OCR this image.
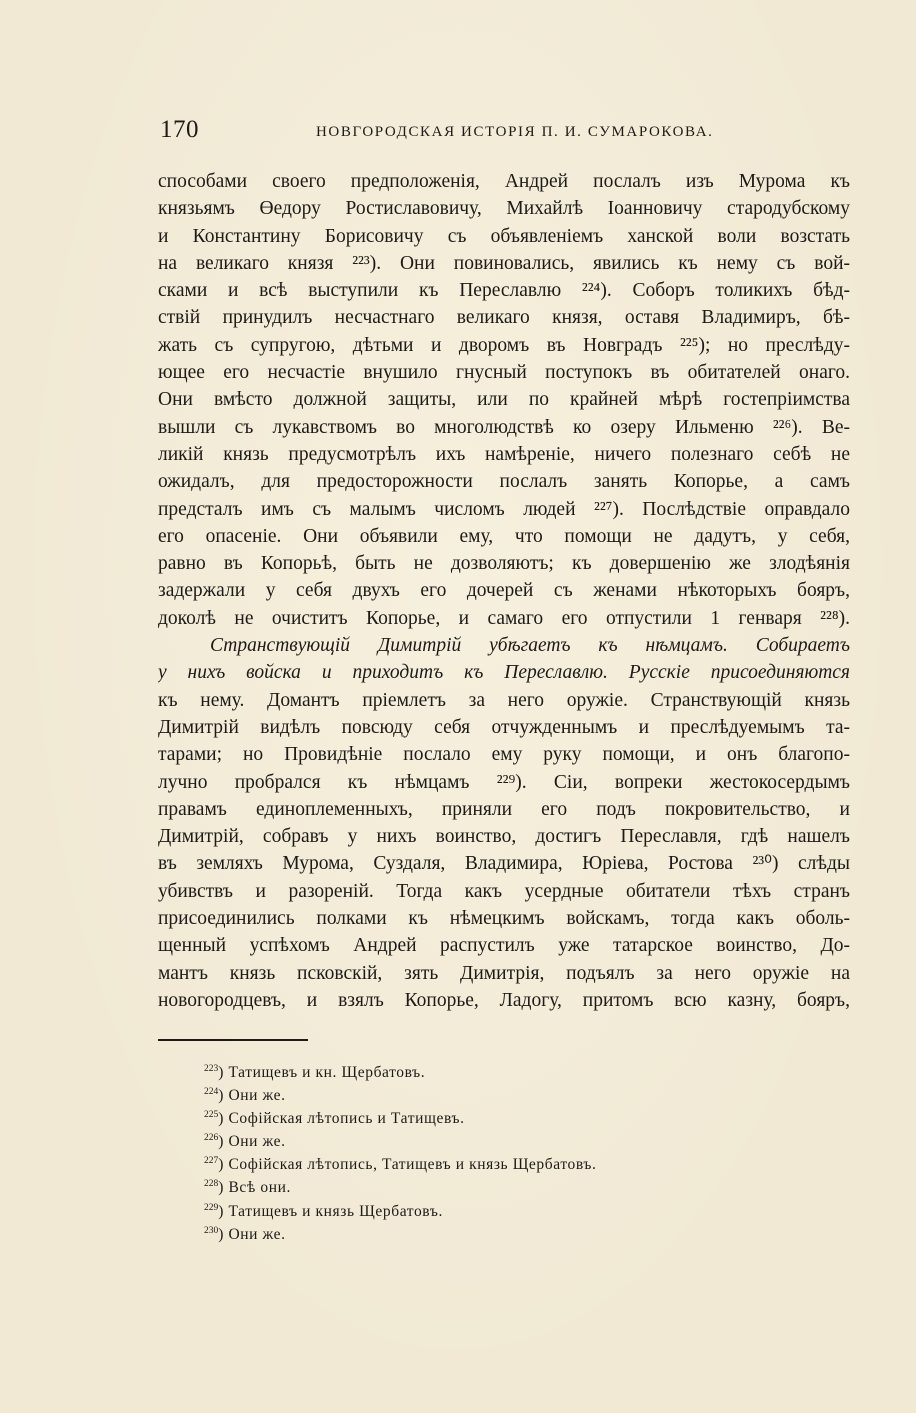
170	НОВГОРОДСКАЯ ИСТОРІЯ П. И. СУМАРОКОВА.
способами своего предположенія, Андрей послалъ изъ Мурома къ
князьямъ Өедору Ростиславовичу, Михайлѣ Іоанновичу стародубскому
и Константину Борисовичу съ объявленіемъ ханской воли возстать
на великаго князя ²²³). Они повиновались, явились къ нему съ вой-
сками и всѣ выступили къ Переславлю ²²⁴). Соборъ толикихъ бѣд-
ствій принудилъ несчастнаго великаго князя, оставя Владимиръ, бѣ-
жать съ супругою, дѣтьми и дворомъ въ Новградъ ²²⁵); но преслѣду-
ющее его несчастіе внушило гнусный поступокъ въ обитателей онаго.
Они вмѣсто должной защиты, или по крайней мѣрѣ гостепріимства
вышли съ лукавствомъ во многолюдствѣ ко озеру Ильменю ²²⁶). Ве-
ликій князь предусмотрѣлъ ихъ намѣреніе, ничего полезнаго себѣ не
ожидалъ, для предосторожности послалъ занять Копорье, а самъ
предсталъ имъ съ малымъ числомъ людей ²²⁷). Послѣдствіе оправдало
его опасеніе. Они объявили ему, что помощи не дадутъ, у себя,
равно въ Копорьѣ, быть не дозволяютъ; къ довершенію же злодѣянія
задержали у себя двухъ его дочерей съ женами нѣкоторыхъ бояръ,
доколѣ не очиститъ Копорье, и самаго его отпустили 1 генваря ²²⁸).
Странствующій Димитрій убѣгаетъ къ нѣмцамъ. Собираетъ
у нихъ войска и приходитъ къ Переславлю. Русскіе присоединяются
къ нему. Домантъ пріемлетъ за него оружіе. Странствующій князь
Димитрій видѣлъ повсюду себя отчужденнымъ и преслѣдуемымъ та-
тарами; но Провидѣніе послало ему руку помощи, и онъ благопо-
лучно пробрался къ нѣмцамъ ²²⁹). Сіи, вопреки жестокосердымъ
правамъ единоплеменныхъ, приняли его подъ покровительство, и
Димитрій, собравъ у нихъ воинство, достигъ Переславля, гдѣ нашелъ
въ земляхъ Мурома, Суздаля, Владимира, Юріева, Ростова ²³⁰) слѣды
убивствъ и разореній. Тогда какъ усердные обитатели тѣхъ странъ
присоединились полками къ нѣмецкимъ войскамъ, тогда какъ оболь-
щенный успѣхомъ Андрей распустилъ уже татарское воинство, До-
мантъ князь псковскій, зять Димитрія, подъялъ за него оружіе на
новогородцевъ, и взялъ Копорье, Ладогу, притомъ всю казну, бояръ,
$^{223}$) Татищевъ и кн. Щербатовъ.
$^{224}$) Они же.
$^{225}$) Софійская лѣтопись и Татищевъ.
$^{226}$) Они же.
$^{227}$) Софійская лѣтопись, Татищевъ и князь Щербатовъ.
$^{228}$) Всѣ они.
$^{229}$) Татищевъ и князь Щербатовъ.
$^{230}$) Они же.
